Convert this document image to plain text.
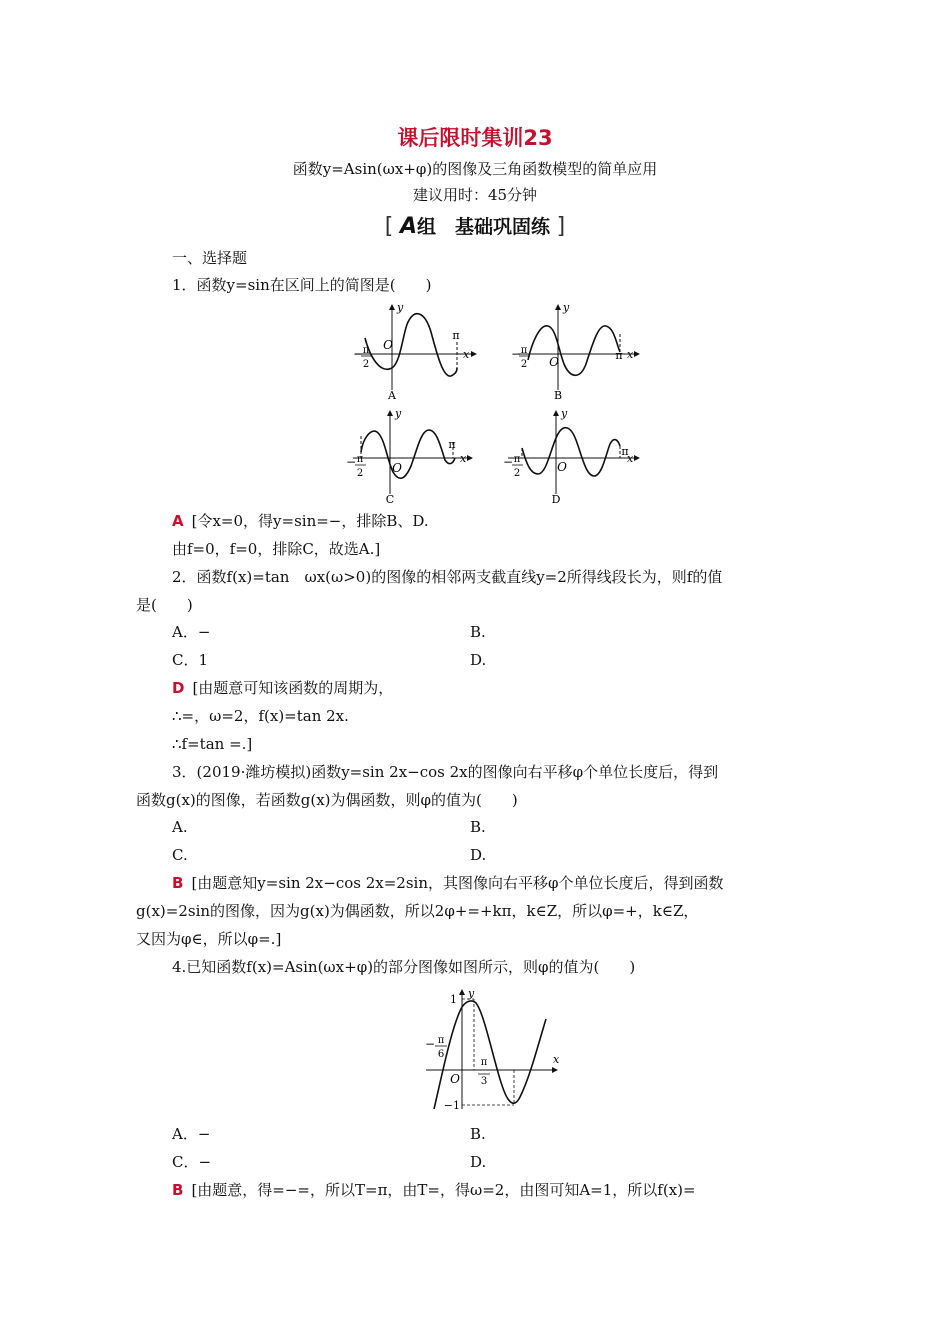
课后限时集训23
函数y=Asin(ωx+φ)的图像及三角函数模型的简单应用
建议用时：45分钟
[ A组　基础巩固练 ]
一、选择题
1．函数y=sin在区间上的简图是(　　)
O
y
x
π
− π
2
A
O
y
x
π
− π
2
B
O
y
x
π
− π
2
C
O
y
x
π
− π
2
D
A [令x=0，得y=sin=−，排除B、D.
由f=0，f=0，排除C，故选A.]
2．函数f(x)=tan　ωx(ω>0)的图像的相邻两支截直线y=2所得线段长为，则f的值
是(　　)
A．−	B.
C．1	D.
D [由题意可知该函数的周期为，
∴=，ω=2，f(x)=tan 2x.
∴f=tan =.]
3．(2019·潍坊模拟)函数y=sin 2x−cos 2x的图像向右平移φ个单位长度后，得到
函数g(x)的图像，若函数g(x)为偶函数，则φ的值为(　　)
A.	B.
C.	D.
B [由题意知y=sin 2x−cos 2x=2sin，其图像向右平移φ个单位长度后，得到函数
g(x)=2sin的图像，因为g(x)为偶函数，所以2φ+=+kπ，k∈Z，所以φ=+，k∈Z，
又因为φ∈，所以φ=.]
4.已知函数f(x)=Asin(ωx+φ)的部分图像如图所示，则φ的值为(　　)
1
−1
y
x
O
− π
6
π
3
A．−	B.
C．−	D.
B [由题意，得=−=，所以T=π，由T=，得ω=2，由图可知A=1，所以f(x)=
